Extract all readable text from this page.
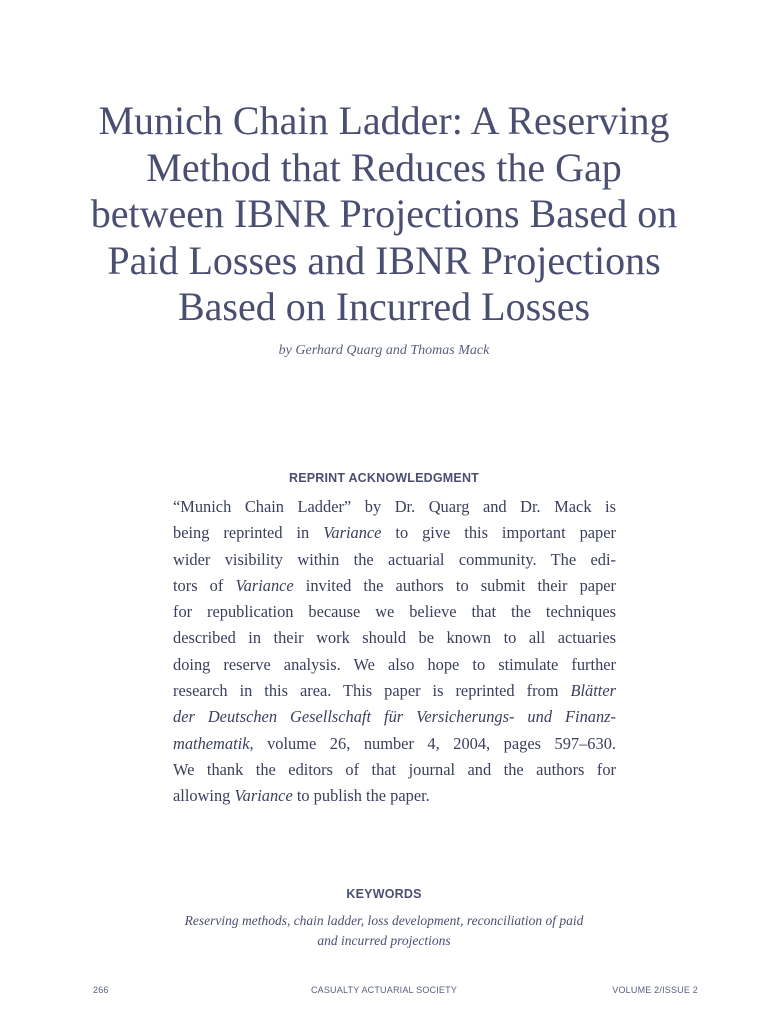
Munich Chain Ladder: A Reserving
Method that Reduces the Gap
between IBNR Projections Based on
Paid Losses and IBNR Projections
Based on Incurred Losses
by Gerhard Quarg and Thomas Mack
REPRINT ACKNOWLEDGMENT
“Munich Chain Ladder” by Dr. Quarg and Dr. Mack is
being reprinted in Variance to give this important paper
wider visibility within the actuarial community. The edi-
tors of Variance invited the authors to submit their paper
for republication because we believe that the techniques
described in their work should be known to all actuaries
doing reserve analysis. We also hope to stimulate further
research in this area. This paper is reprinted from Blätter
der Deutschen Gesellschaft für Versicherungs- und Finanz-
mathematik, volume 26, number 4, 2004, pages 597–630.
We thank the editors of that journal and the authors for
allowing Variance to publish the paper.
KEYWORDS
Reserving methods, chain ladder, loss development, reconciliation of paid
and incurred projections
266	CASUALTY ACTUARIAL SOCIETY	VOLUME 2/ISSUE 2
